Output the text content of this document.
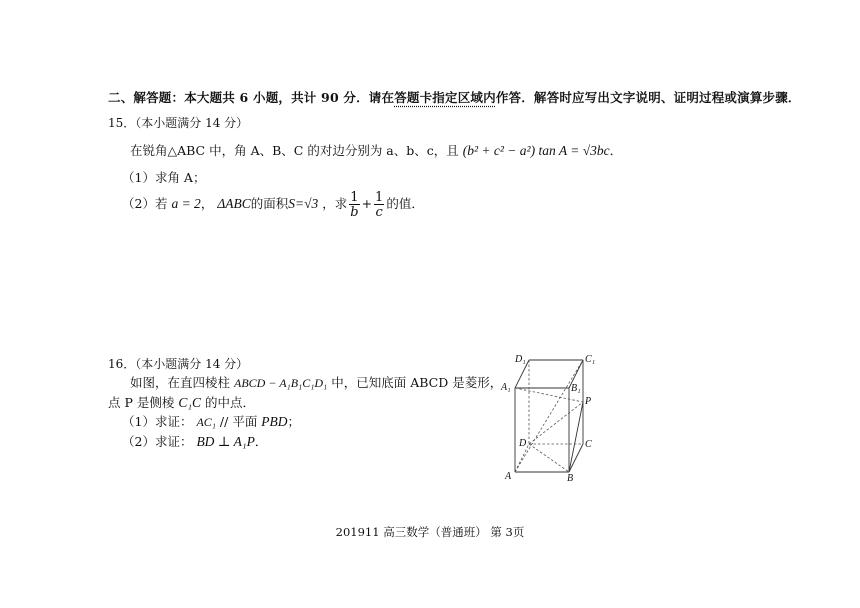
二、解答题：本大题共 6 小题，共计 90 分．请在答题卡指定区域内作答．解答时应写出文字说明、证明过程或演算步骤．
15．（本小题满分 14 分）
在锐角△ABC 中，角 A、B、C 的对边分别为 a、b、c，且 (b² + c² − a²) tan A = √3bc．
（1）求角 A；
（2）若 a = 2， ΔABC的面积S=√3 ，求 $\frac{1}{b} + \frac{1}{c}$ 的值．
16．（本小题满分 14 分）
如图，在直四棱柱 ABCD − A₁B₁C₁D₁ 中，已知底面 ABCD 是菱形，
点 P 是侧棱 C₁C 的中点．
（1）求证： AC₁ // 平面 PBD；
（2）求证： BD ⊥ A₁P．
D₁	C₁
A₁	B₁
P
D	C
A	B
201911 高三数学（普通班） 第 3页
